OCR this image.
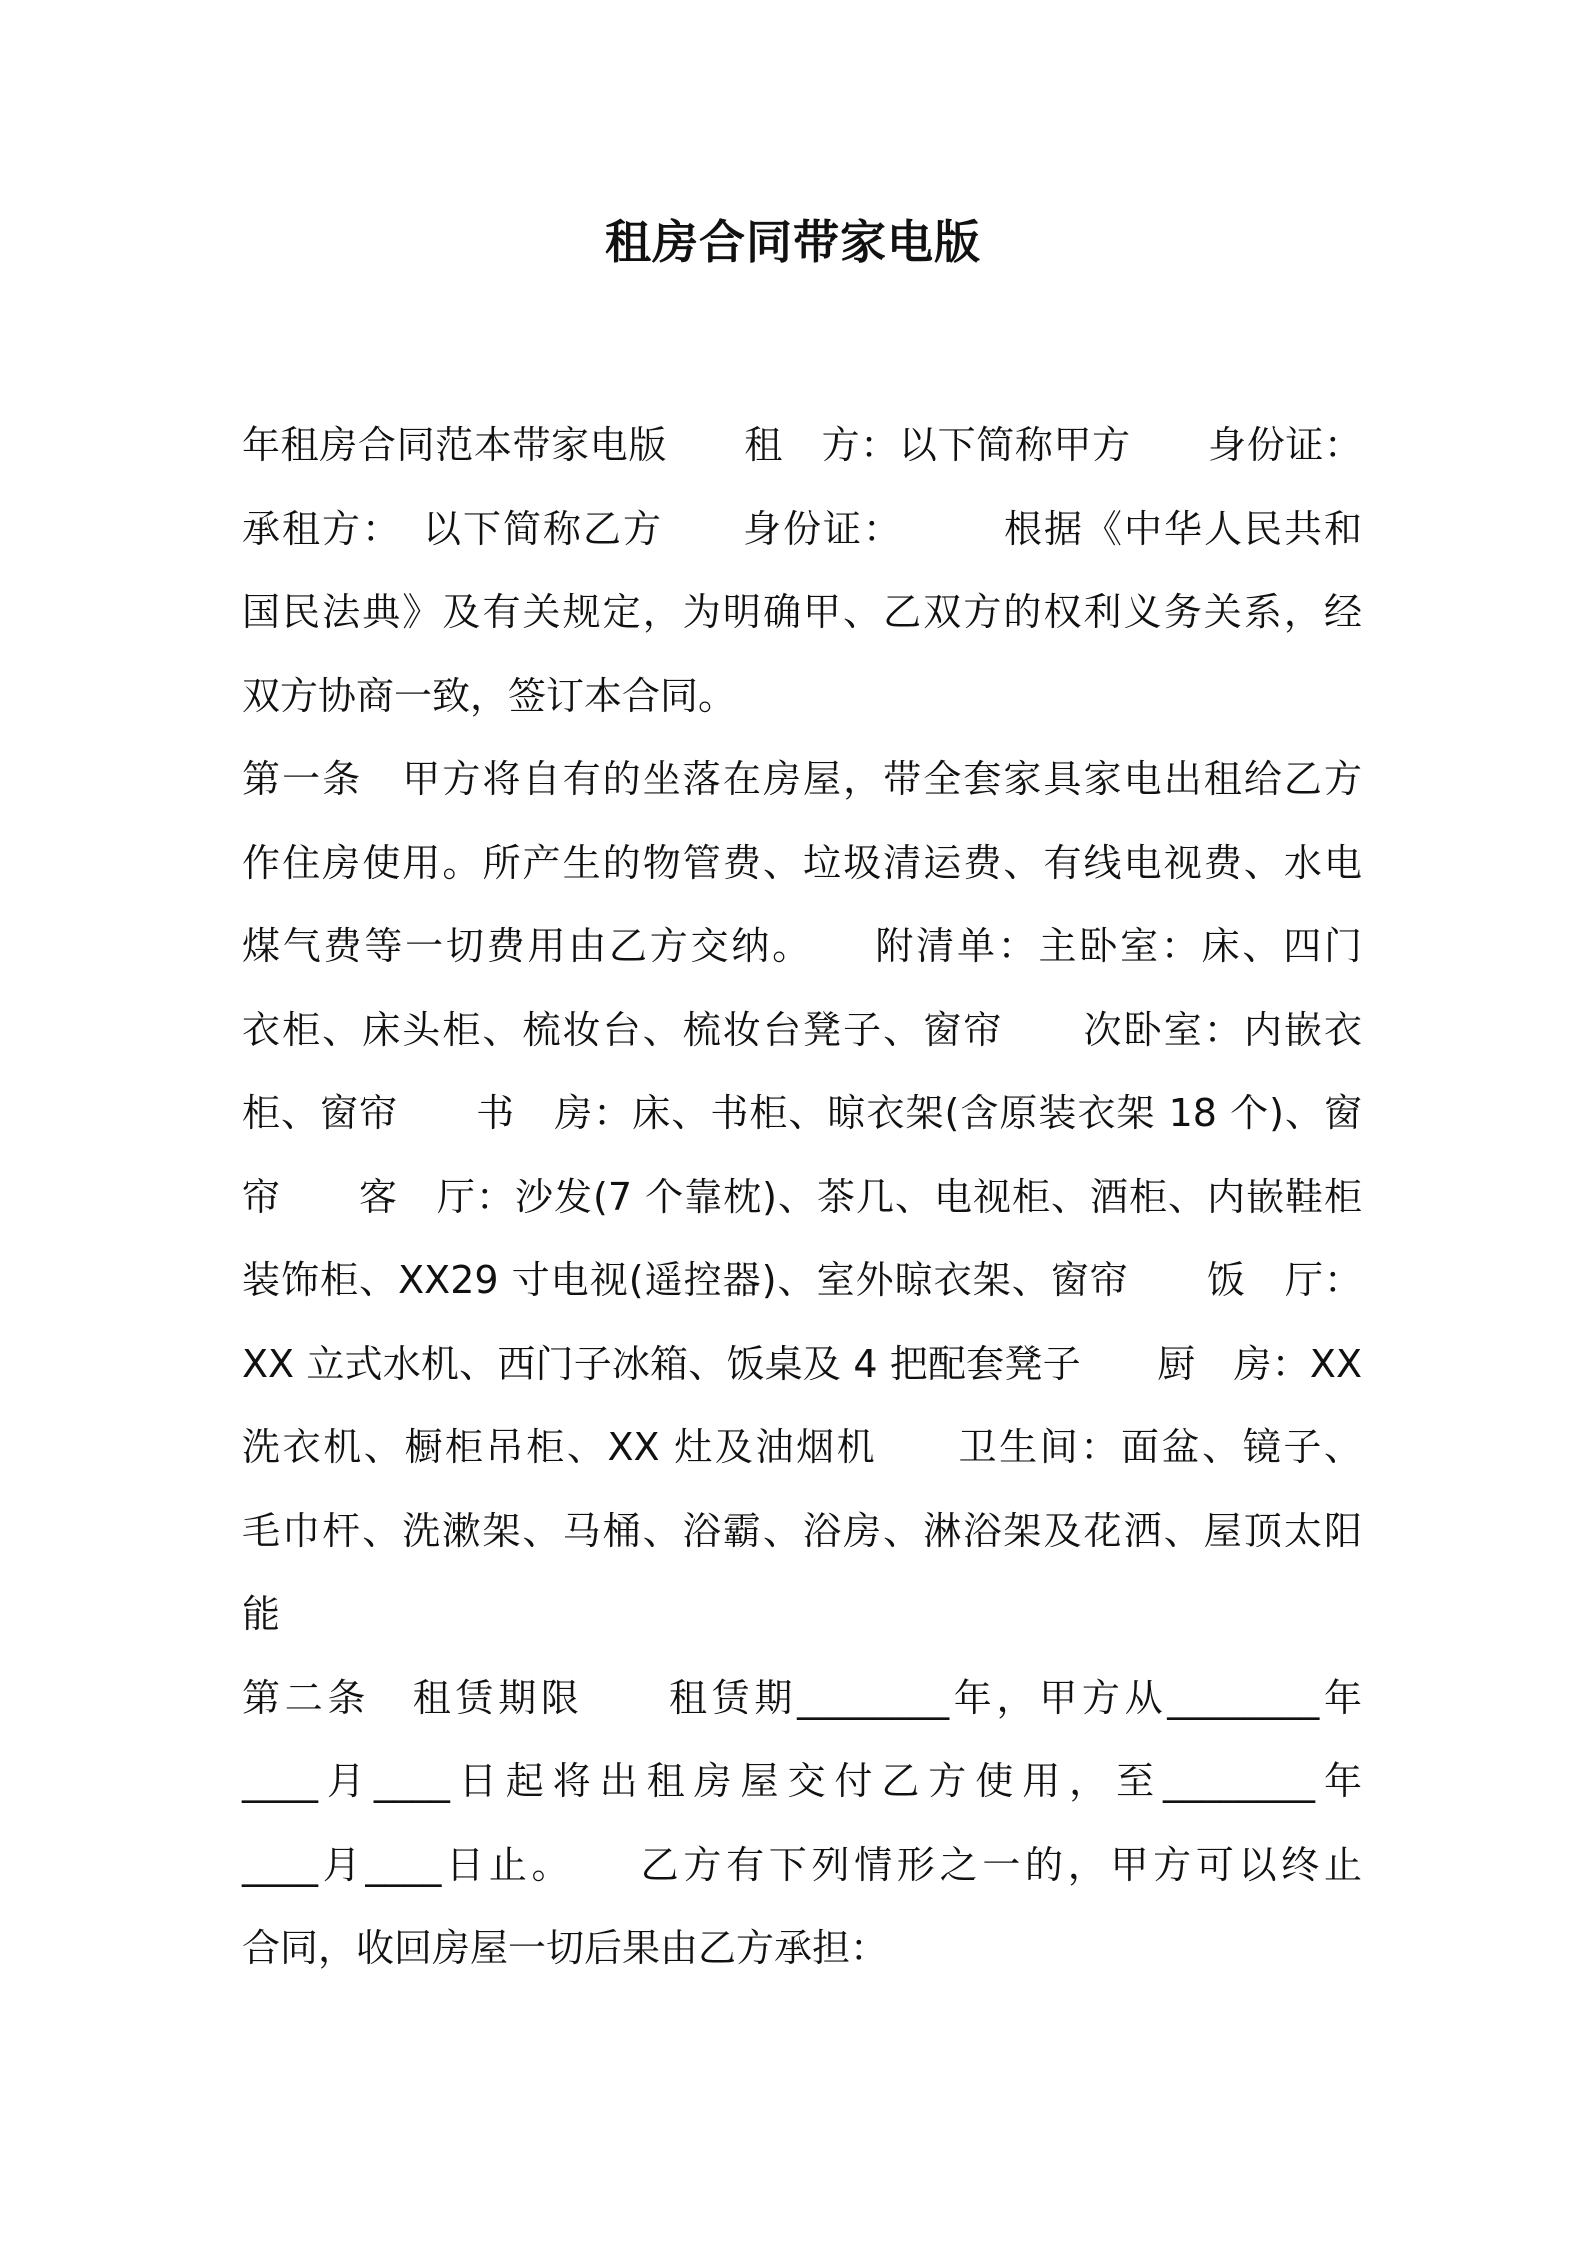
租房合同带家电版
年租房合同范本带家电版　　租　方：以下简称甲方　　身份证：
承租方：　以下简称乙方　　身份证：　　　根据《中华人民共和
国民法典》及有关规定，为明确甲、乙双方的权利义务关系，经
双方协商一致，签订本合同。
第一条　甲方将自有的坐落在房屋，带全套家具家电出租给乙方
作住房使用。所产生的物管费、垃圾清运费、有线电视费、水电
煤气费等一切费用由乙方交纳。　　附清单：主卧室：床、四门
衣柜、床头柜、梳妆台、梳妆台凳子、窗帘　　次卧室：内嵌衣
柜、窗帘　　书　房：床、书柜、晾衣架(含原装衣架 18 个)、窗
帘　　客　厅：沙发(7 个靠枕)、茶几、电视柜、酒柜、内嵌鞋柜
装饰柜、XX29 寸电视(遥控器)、室外晾衣架、窗帘　　饭　厅：
XX 立式水机、西门子冰箱、饭桌及 4 把配套凳子　　厨　房：XX
洗衣机、橱柜吊柜、XX 灶及油烟机　　卫生间：面盆、镜子、
毛巾杆、洗漱架、马桶、浴霸、浴房、淋浴架及花洒、屋顶太阳
能
第二条　租赁期限　　租赁期________年，甲方从________年
____月____日起将出租房屋交付乙方使用，至________年
____月____日止。　　乙方有下列情形之一的，甲方可以终止
合同，收回房屋一切后果由乙方承担：
